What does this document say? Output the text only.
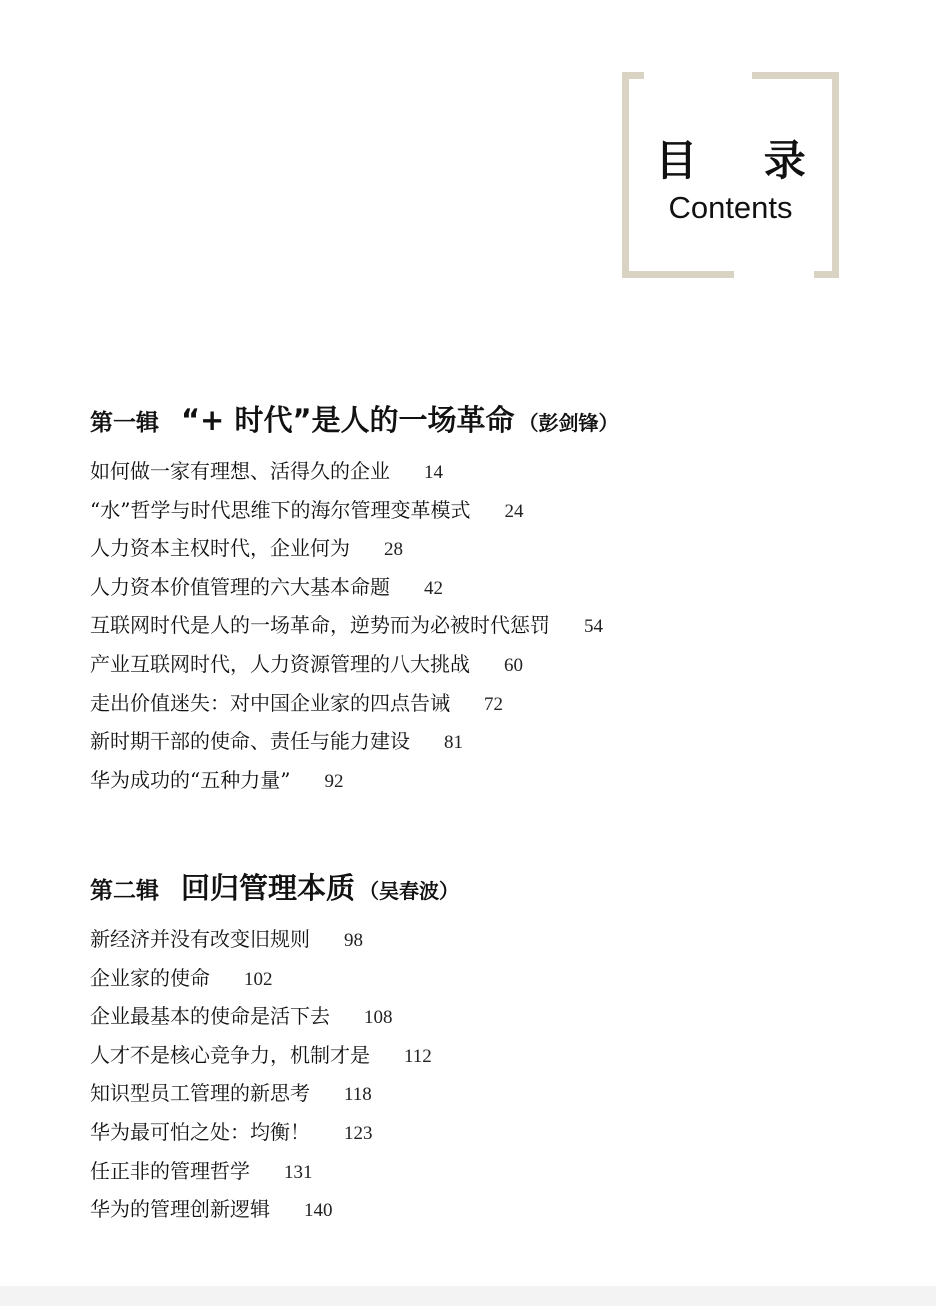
目 录
Contents
第一辑 “+ 时代”是人的一场革命 （彭剑锋）
如何做一家有理想、活得久的企业 14
“水”哲学与时代思维下的海尔管理变革模式 24
人力资本主权时代，企业何为 28
人力资本价值管理的六大基本命题 42
互联网时代是人的一场革命，逆势而为必被时代惩罚 54
产业互联网时代，人力资源管理的八大挑战 60
走出价值迷失：对中国企业家的四点告诫 72
新时期干部的使命、责任与能力建设 81
华为成功的“五种力量” 92
第二辑 回归管理本质 （吴春波）
新经济并没有改变旧规则 98
企业家的使命 102
企业最基本的使命是活下去 108
人才不是核心竞争力，机制才是 112
知识型员工管理的新思考 118
华为最可怕之处：均衡！ 123
任正非的管理哲学 131
华为的管理创新逻辑 140
